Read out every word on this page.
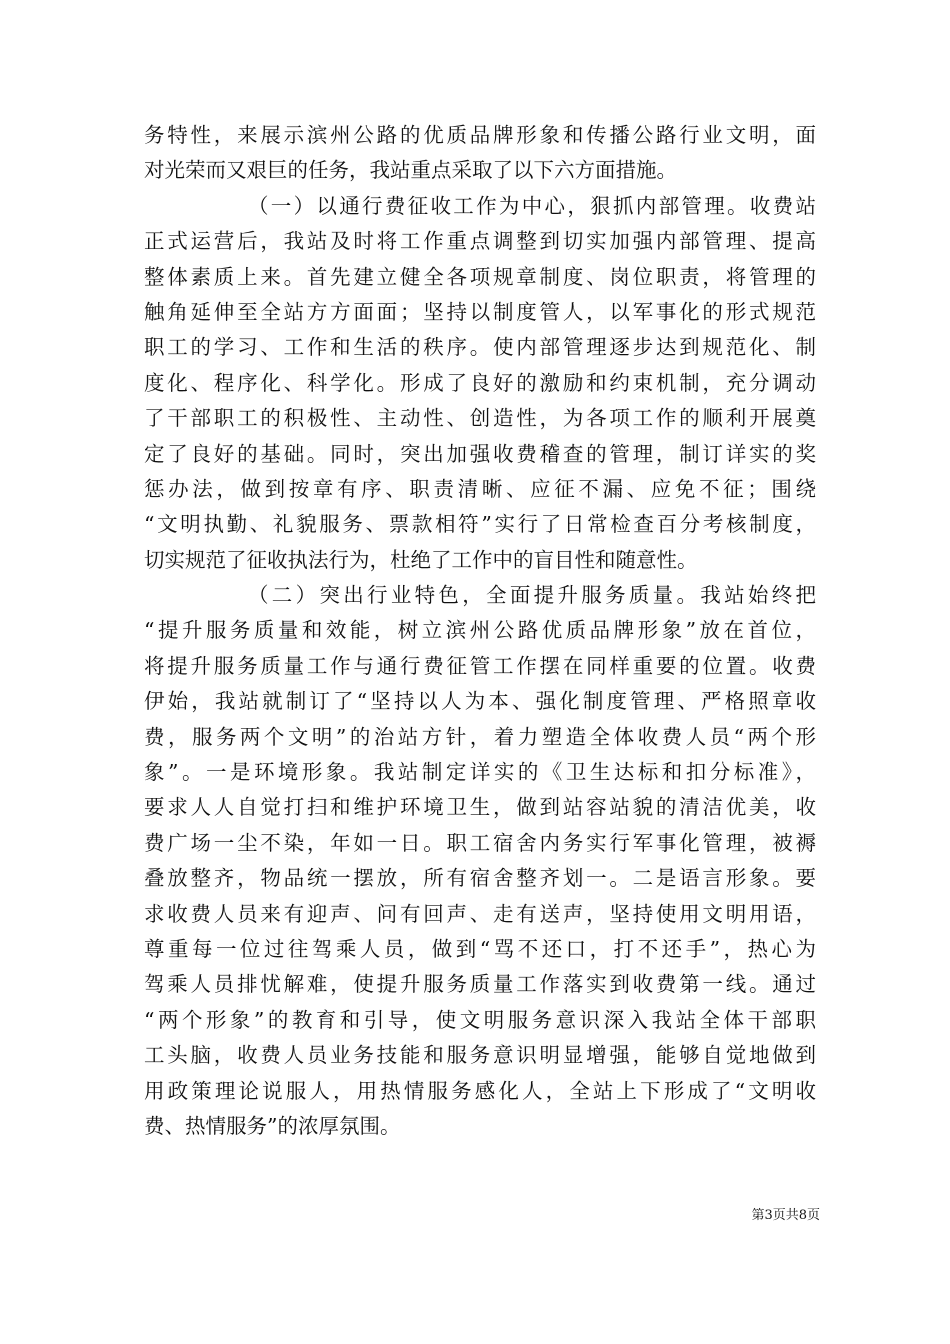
务特性，来展示滨州公路的优质品牌形象和传播公路行业文明，面
对光荣而又艰巨的任务，我站重点采取了以下六方面措施。
（一）以通行费征收工作为中心，狠抓内部管理。收费站
正式运营后，我站及时将工作重点调整到切实加强内部管理、提高
整体素质上来。首先建立健全各项规章制度、岗位职责，将管理的
触角延伸至全站方方面面；坚持以制度管人，以军事化的形式规范
职工的学习、工作和生活的秩序。使内部管理逐步达到规范化、制
度化、程序化、科学化。形成了良好的激励和约束机制，充分调动
了干部职工的积极性、主动性、创造性，为各项工作的顺利开展奠
定了良好的基础。同时，突出加强收费稽查的管理，制订详实的奖
惩办法，做到按章有序、职责清晰、应征不漏、应免不征；围绕
“文明执勤、礼貌服务、票款相符”实行了日常检查百分考核制度，
切实规范了征收执法行为，杜绝了工作中的盲目性和随意性。
（二）突出行业特色，全面提升服务质量。我站始终把
“提升服务质量和效能，树立滨州公路优质品牌形象”放在首位，
将提升服务质量工作与通行费征管工作摆在同样重要的位置。收费
伊始，我站就制订了“坚持以人为本、强化制度管理、严格照章收
费，服务两个文明”的治站方针，着力塑造全体收费人员“两个形
象”。一是环境形象。我站制定详实的《卫生达标和扣分标准》，
要求人人自觉打扫和维护环境卫生，做到站容站貌的清洁优美，收
费广场一尘不染，年如一日。职工宿舍内务实行军事化管理，被褥
叠放整齐，物品统一摆放，所有宿舍整齐划一。二是语言形象。要
求收费人员来有迎声、问有回声、走有送声，坚持使用文明用语，
尊重每一位过往驾乘人员，做到“骂不还口，打不还手”，热心为
驾乘人员排忧解难，使提升服务质量工作落实到收费第一线。通过
“两个形象”的教育和引导，使文明服务意识深入我站全体干部职
工头脑，收费人员业务技能和服务意识明显增强，能够自觉地做到
用政策理论说服人，用热情服务感化人，全站上下形成了“文明收
费、热情服务”的浓厚氛围。
第3页共8页
